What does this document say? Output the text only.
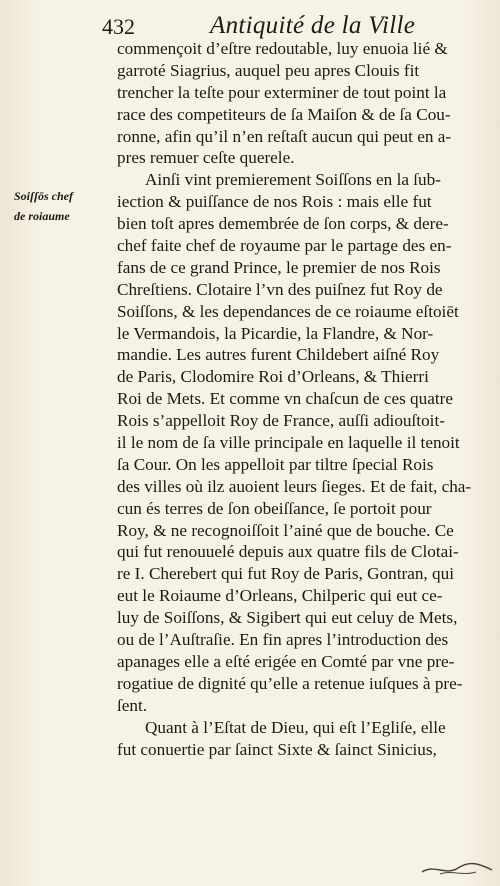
432	Antiquité de la Ville
Soiſſōs chef
de roiaume
commençoit d’eſtre redoutable, luy enuoia lié &
garroté Siagrius, auquel peu apres Clouis fit
trencher la teſte pour exterminer de tout point la
race des competiteurs de ſa Maiſon & de ſa Cou-
ronne, afin qu’il n’en reſtaſt aucun qui peut en a-
pres remuer ceſte querele.
Ainſi vint premierement Soiſſons en la ſub-
iection & puiſſance de nos Rois : mais elle fut
bien toſt apres demembrée de ſon corps, & dere-
chef faite chef de royaume par le partage des en-
fans de ce grand Prince, le premier de nos Rois
Chreſtiens. Clotaire l’vn des puiſnez fut Roy de
Soiſſons, & les dependances de ce roiaume eſtoiēt
le Vermandois, la Picardie, la Flandre, & Nor-
mandie. Les autres furent Childebert aiſné Roy
de Paris, Clodomire Roi d’Orleans, & Thierri
Roi de Mets. Et comme vn chaſcun de ces quatre
Rois s’appelloit Roy de France, auſſi adiouſtoit-
il le nom de ſa ville principale en laquelle il tenoit
ſa Cour. On les appelloit par tiltre ſpecial Rois
des villes où ilz auoient leurs ſieges. Et de fait, cha-
cun és terres de ſon obeiſſance, ſe portoit pour
Roy, & ne recognoiſſoit l’ainé que de bouche. Ce
qui fut renouuelé depuis aux quatre fils de Clotai-
re I. Cherebert qui fut Roy de Paris, Gontran, qui
eut le Roiaume d’Orleans, Chilperic qui eut ce-
luy de Soiſſons, & Sigibert qui eut celuy de Mets,
ou de l’Auſtraſie. En fin apres l’introduction des
apanages elle a eſté erigée en Comté par vne pre-
rogatiue de dignité qu’elle a retenue iuſques à pre-
ſent.
Quant à l’Eſtat de Dieu, qui eſt l’Egliſe, elle
fut conuertie par ſainct Sixte & ſainct Sinicius,
